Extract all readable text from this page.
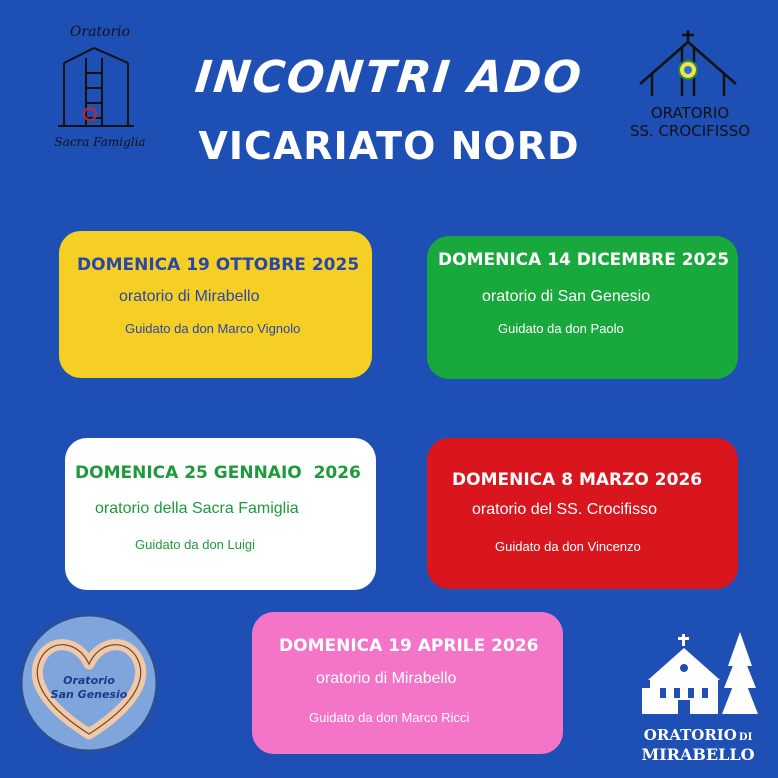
INCONTRI ADO
VICARIATO NORD
Oratorio
Sacra Famiglia
ORATORIO
SS. CROCIFISSO
DOMENICA 19 OTTOBRE 2025
oratorio di Mirabello
Guidato da don Marco Vignolo
DOMENICA 14 DICEMBRE 2025
oratorio di San Genesio
Guidato da don Paolo
DOMENICA 25 GENNAIO  2026
oratorio della Sacra Famiglia
Guidato da don Luigi
DOMENICA 8 MARZO 2026
oratorio del SS. Crocifisso
Guidato da don Vincenzo
DOMENICA 19 APRILE 2026
oratorio di Mirabello
Guidato da don Marco Ricci
Oratorio
San Genesio
ORATORIO DI
MIRABELLO
